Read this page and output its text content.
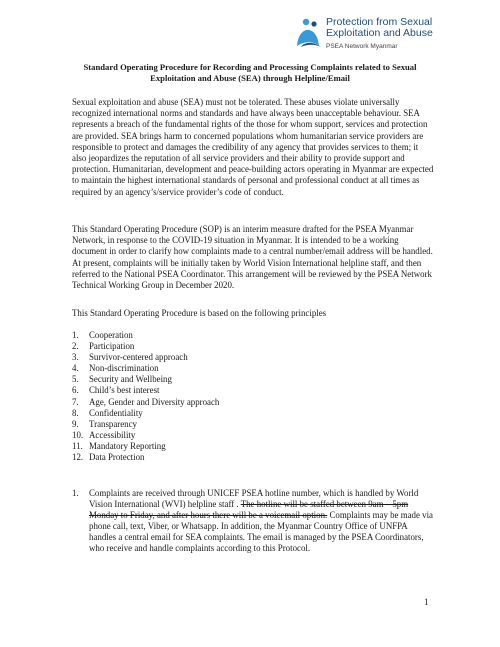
Protection from Sexual
Exploitation and Abuse
PSEA Network Myanmar
Standard Operating Procedure for Recording and Processing Complaints related to Sexual Exploitation and Abuse (SEA) through Helpline/Email
Sexual exploitation and abuse (SEA) must not be tolerated. These abuses violate universally recognized international norms and standards and have always been unacceptable behaviour. SEA represents a breach of the fundamental rights of the those for whom support, services and protection are provided. SEA brings harm to concerned populations whom humanitarian service providers are responsible to protect and damages the credibility of any agency that provides services to them; it also jeopardizes the reputation of all service providers and their ability to provide support and protection. Humanitarian, development and peace-building actors operating in Myanmar are expected to maintain the highest international standards of personal and professional conduct at all times as required by an agency’s/service provider’s code of conduct.
This Standard Operating Procedure (SOP) is an interim measure drafted for the PSEA Myanmar Network, in response to the COVID-19 situation in Myanmar. It is intended to be a working document in order to clarify how complaints made to a central number/email address will be handled. At present, complaints will be initially taken by World Vision International helpline staff, and then referred to the National PSEA Coordinator. This arrangement will be reviewed by the PSEA Network Technical Working Group in December 2020.
This Standard Operating Procedure is based on the following principles
1. Cooperation
2. Participation
3. Survivor-centered approach
4. Non-discrimination
5. Security and Wellbeing
6. Child’s best interest
7. Age, Gender and Diversity approach
8. Confidentiality
9. Transparency
10. Accessibility
11. Mandatory Reporting
12. Data Protection
1. Complaints are received through UNICEF PSEA hotline number, which is handled by World Vision International (WVI) helpline staff . The hotline will be staffed between 9am – 5pm Monday to Friday, and after hours there will be a voicemail option. Complaints may be made via phone call, text, Viber, or Whatsapp. In addition, the Myanmar Country Office of UNFPA handles a central email for SEA complaints. The email is managed by the PSEA Coordinators, who receive and handle complaints according to this Protocol.
1
